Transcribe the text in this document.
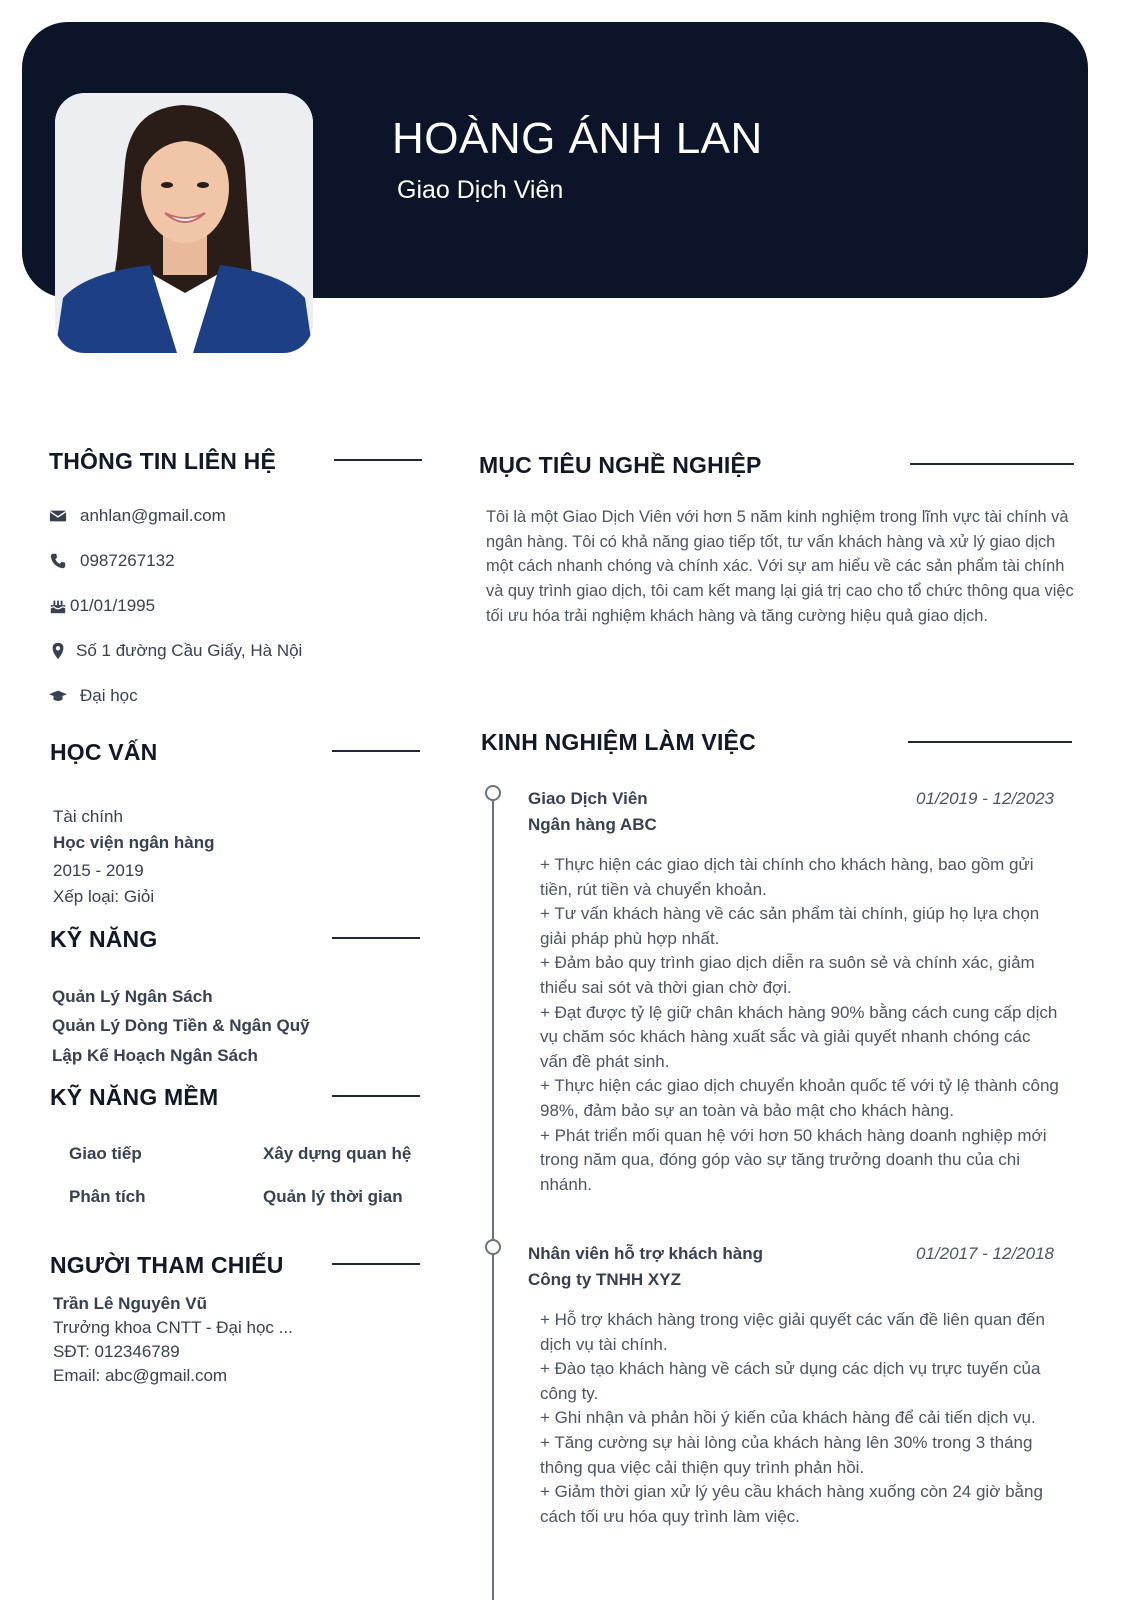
HOÀNG ÁNH LAN
Giao Dịch Viên
THÔNG TIN LIÊN HỆ
anhlan@gmail.com
0987267132
01/01/1995
Số 1 đường Cầu Giấy, Hà Nội
Đại học
HỌC VẤN
Tài chính
Học viện ngân hàng
2015 - 2019
Xếp loại: Giỏi
KỸ NĂNG
Quản Lý Ngân Sách
Quản Lý Dòng Tiền & Ngân Quỹ
Lập Kế Hoạch Ngân Sách
KỸ NĂNG MỀM
Giao tiếp	Xây dựng quan hệ
Phân tích	Quản lý thời gian
NGƯỜI THAM CHIẾU
Trần Lê Nguyên Vũ
Trưởng khoa CNTT - Đại học ...
SĐT: 012346789
Email: abc@gmail.com
MỤC TIÊU NGHỀ NGHIỆP
Tôi là một Giao Dịch Viên với hơn 5 năm kinh nghiệm trong lĩnh vực tài chính và ngân hàng. Tôi có khả năng giao tiếp tốt, tư vấn khách hàng và xử lý giao dịch một cách nhanh chóng và chính xác. Với sự am hiểu về các sản phẩm tài chính và quy trình giao dịch, tôi cam kết mang lại giá trị cao cho tổ chức thông qua việc tối ưu hóa trải nghiệm khách hàng và tăng cường hiệu quả giao dịch.
KINH NGHIỆM LÀM VIỆC
Giao Dịch Viên
Ngân hàng ABC
01/2019 - 12/2023
+ Thực hiện các giao dịch tài chính cho khách hàng, bao gồm gửi tiền, rút tiền và chuyển khoản.
+ Tư vấn khách hàng về các sản phẩm tài chính, giúp họ lựa chọn giải pháp phù hợp nhất.
+ Đảm bảo quy trình giao dịch diễn ra suôn sẻ và chính xác, giảm thiểu sai sót và thời gian chờ đợi.
+ Đạt được tỷ lệ giữ chân khách hàng 90% bằng cách cung cấp dịch vụ chăm sóc khách hàng xuất sắc và giải quyết nhanh chóng các vấn đề phát sinh.
+ Thực hiện các giao dịch chuyển khoản quốc tế với tỷ lệ thành công 98%, đảm bảo sự an toàn và bảo mật cho khách hàng.
+ Phát triển mối quan hệ với hơn 50 khách hàng doanh nghiệp mới trong năm qua, đóng góp vào sự tăng trưởng doanh thu của chi nhánh.
Nhân viên hỗ trợ khách hàng
Công ty TNHH XYZ
01/2017 - 12/2018
+ Hỗ trợ khách hàng trong việc giải quyết các vấn đề liên quan đến dịch vụ tài chính.
+ Đào tạo khách hàng về cách sử dụng các dịch vụ trực tuyến của công ty.
+ Ghi nhận và phản hồi ý kiến của khách hàng để cải tiến dịch vụ.
+ Tăng cường sự hài lòng của khách hàng lên 30% trong 3 tháng thông qua việc cải thiện quy trình phản hồi.
+ Giảm thời gian xử lý yêu cầu khách hàng xuống còn 24 giờ bằng cách tối ưu hóa quy trình làm việc.
